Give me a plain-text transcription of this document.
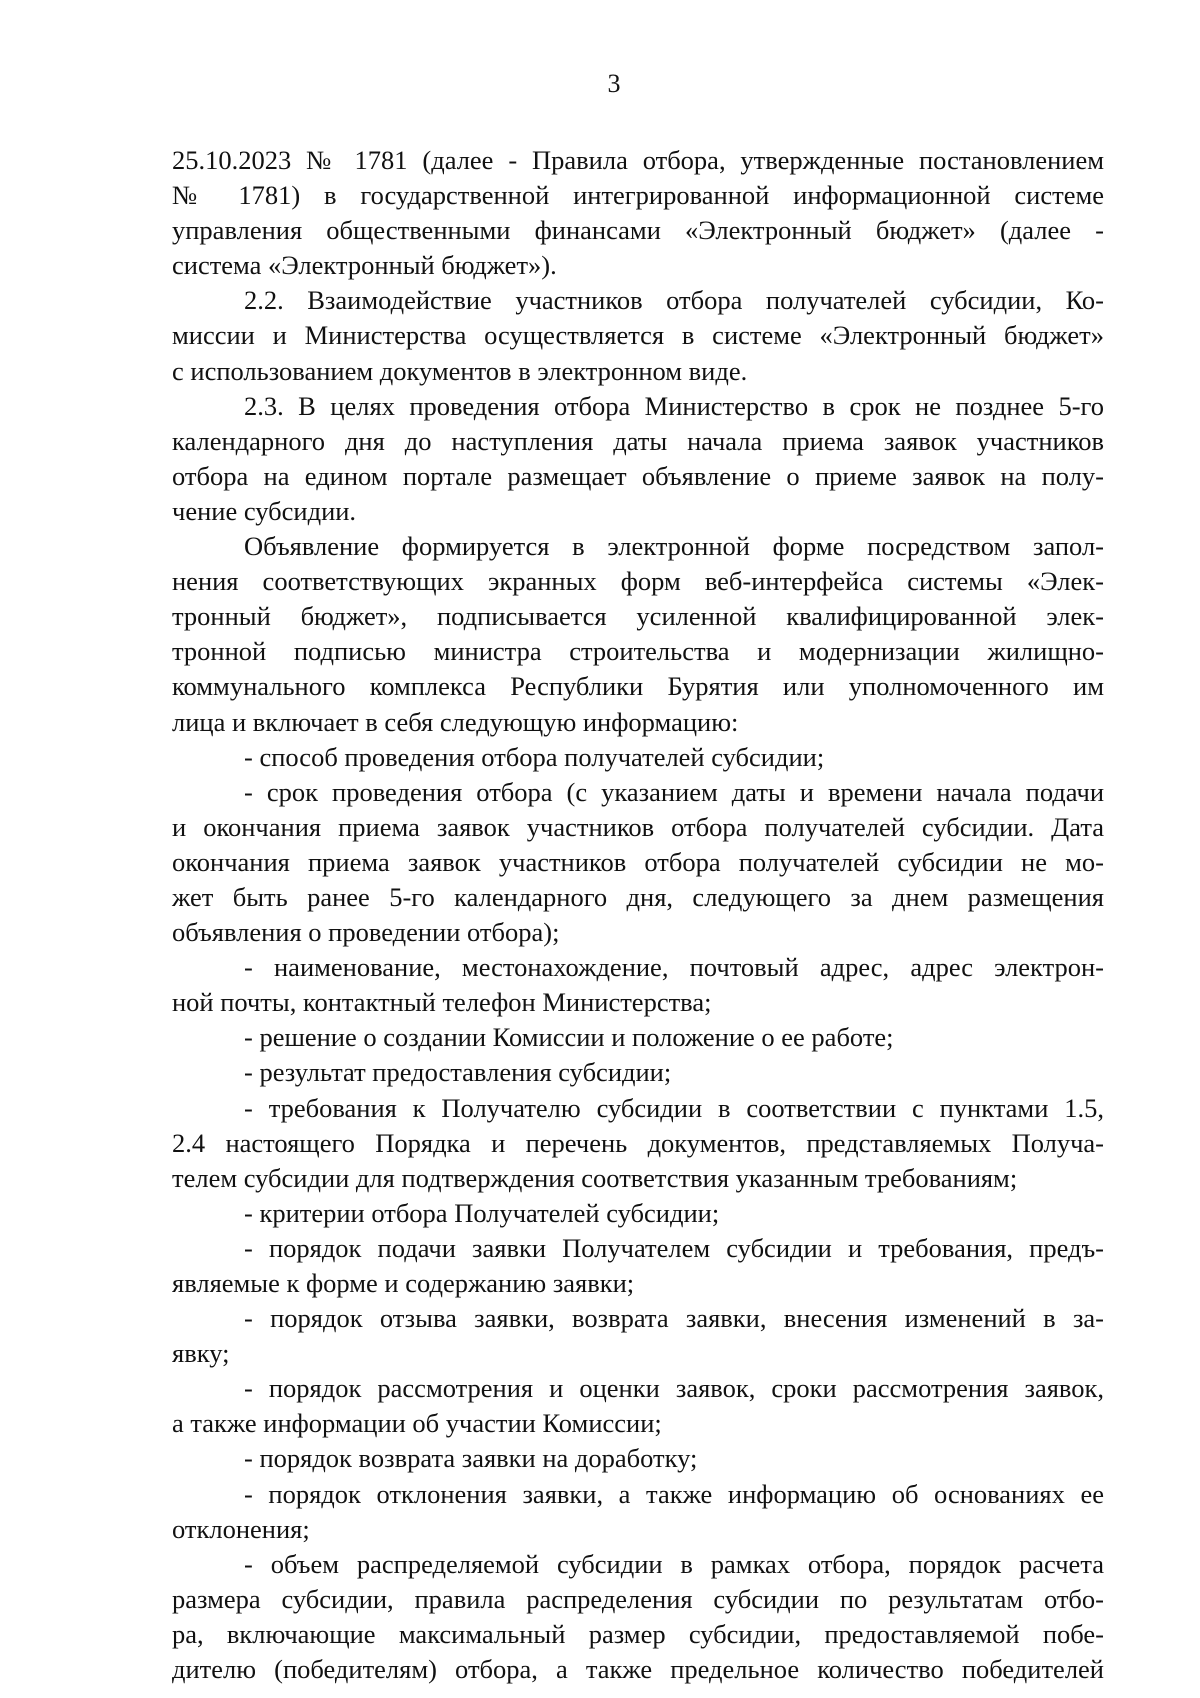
3
25.10.2023 № 1781 (далее - Правила отбора, утвержденные постановлением
№ 1781) в государственной интегрированной информационной системе
управления общественными финансами «Электронный бюджет» (далее -
система «Электронный бюджет»).
2.2. Взаимодействие участников отбора получателей субсидии, Ко-
миссии и Министерства осуществляется в системе «Электронный бюджет»
с использованием документов в электронном виде.
2.3. В целях проведения отбора Министерство в срок не позднее 5-го
календарного дня до наступления даты начала приема заявок участников
отбора на едином портале размещает объявление о приеме заявок на полу-
чение субсидии.
Объявление формируется в электронной форме посредством запол-
нения соответствующих экранных форм веб-интерфейса системы «Элек-
тронный бюджет», подписывается усиленной квалифицированной элек-
тронной подписью министра строительства и модернизации жилищно-
коммунального комплекса Республики Бурятия или уполномоченного им
лица и включает в себя следующую информацию:
- способ проведения отбора получателей субсидии;
- срок проведения отбора (с указанием даты и времени начала подачи
и окончания приема заявок участников отбора получателей субсидии. Дата
окончания приема заявок участников отбора получателей субсидии не мо-
жет быть ранее 5-го календарного дня, следующего за днем размещения
объявления о проведении отбора);
- наименование, местонахождение, почтовый адрес, адрес электрон-
ной почты, контактный телефон Министерства;
- решение о создании Комиссии и положение о ее работе;
- результат предоставления субсидии;
- требования к Получателю субсидии в соответствии с пунктами 1.5,
2.4 настоящего Порядка и перечень документов, представляемых Получа-
телем субсидии для подтверждения соответствия указанным требованиям;
- критерии отбора Получателей субсидии;
- порядок подачи заявки Получателем субсидии и требования, предъ-
являемые к форме и содержанию заявки;
- порядок отзыва заявки, возврата заявки, внесения изменений в за-
явку;
- порядок рассмотрения и оценки заявок, сроки рассмотрения заявок,
а также информации об участии Комиссии;
- порядок возврата заявки на доработку;
- порядок отклонения заявки, а также информацию об основаниях ее
отклонения;
- объем распределяемой субсидии в рамках отбора, порядок расчета
размера субсидии, правила распределения субсидии по результатам отбо-
ра, включающие максимальный размер субсидии, предоставляемой побе-
дителю (победителям) отбора, а также предельное количество победителей
